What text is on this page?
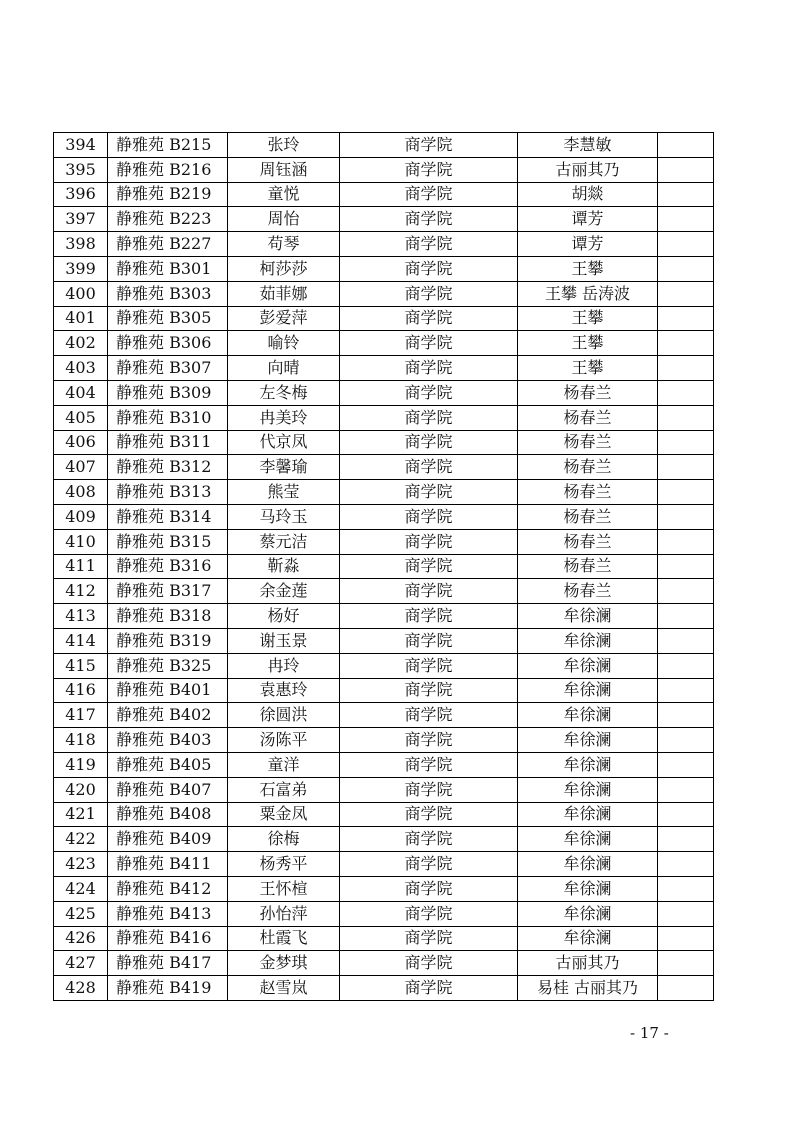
394	静雅苑 B215	张玲	商学院	李慧敏	
395	静雅苑 B216	周钰涵	商学院	古丽其乃	
396	静雅苑 B219	童悦	商学院	胡燚	
397	静雅苑 B223	周怡	商学院	谭芳	
398	静雅苑 B227	苟琴	商学院	谭芳	
399	静雅苑 B301	柯莎莎	商学院	王攀	
400	静雅苑 B303	茹菲娜	商学院	王攀 岳涛波	
401	静雅苑 B305	彭爱萍	商学院	王攀	
402	静雅苑 B306	喻铃	商学院	王攀	
403	静雅苑 B307	向晴	商学院	王攀	
404	静雅苑 B309	左冬梅	商学院	杨春兰	
405	静雅苑 B310	冉美玲	商学院	杨春兰	
406	静雅苑 B311	代京凤	商学院	杨春兰	
407	静雅苑 B312	李馨瑜	商学院	杨春兰	
408	静雅苑 B313	熊莹	商学院	杨春兰	
409	静雅苑 B314	马玲玉	商学院	杨春兰	
410	静雅苑 B315	蔡元洁	商学院	杨春兰	
411	静雅苑 B316	靳淼	商学院	杨春兰	
412	静雅苑 B317	余金莲	商学院	杨春兰	
413	静雅苑 B318	杨好	商学院	牟徐澜	
414	静雅苑 B319	谢玉景	商学院	牟徐澜	
415	静雅苑 B325	冉玲	商学院	牟徐澜	
416	静雅苑 B401	袁惠玲	商学院	牟徐澜	
417	静雅苑 B402	徐圆洪	商学院	牟徐澜	
418	静雅苑 B403	汤陈平	商学院	牟徐澜	
419	静雅苑 B405	童洋	商学院	牟徐澜	
420	静雅苑 B407	石富弟	商学院	牟徐澜	
421	静雅苑 B408	粟金凤	商学院	牟徐澜	
422	静雅苑 B409	徐梅	商学院	牟徐澜	
423	静雅苑 B411	杨秀平	商学院	牟徐澜	
424	静雅苑 B412	王怀楦	商学院	牟徐澜	
425	静雅苑 B413	孙怡萍	商学院	牟徐澜	
426	静雅苑 B416	杜霞飞	商学院	牟徐澜	
427	静雅苑 B417	金梦琪	商学院	古丽其乃	
428	静雅苑 B419	赵雪岚	商学院	易桂 古丽其乃	
- 17 -
